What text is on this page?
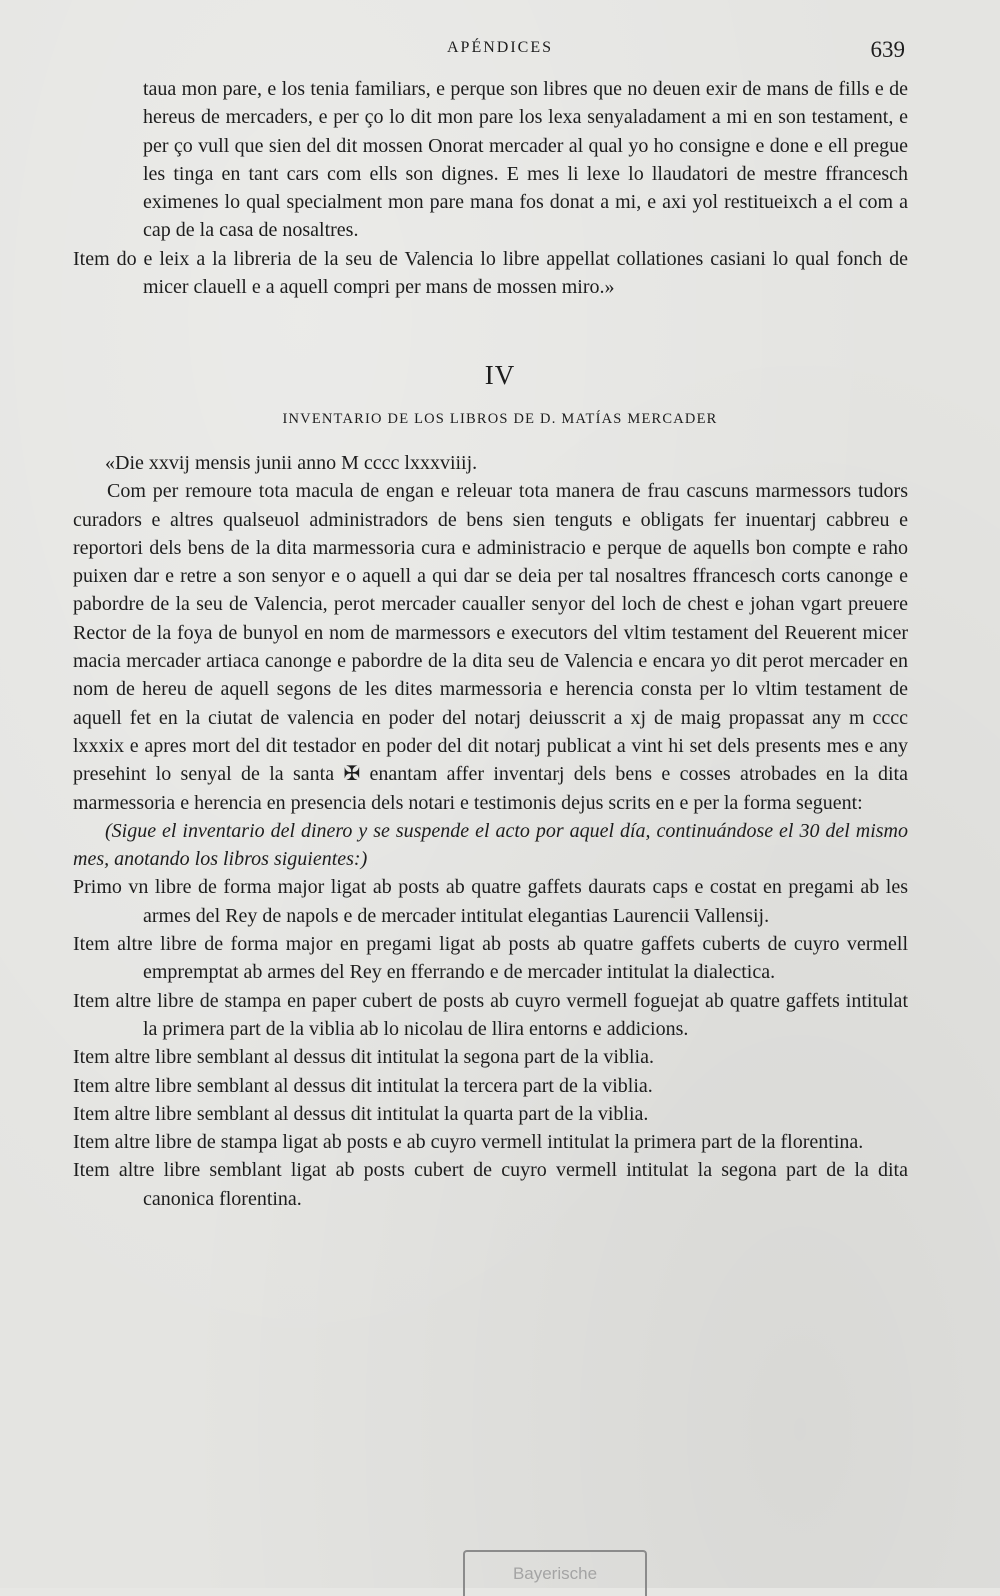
APÉNDICES	639

taua mon pare, e los tenia familiars, e perque son libres que no deuen exir de mans de fills e de hereus de mercaders, e per ço lo dit mon pare los lexa senyaladament a mi en son testament, e per ço vull que sien del dit mossen Onorat mercader al qual yo ho consigne e done e ell pregue les tinga en tant cars com ells son dignes. E mes li lexe lo llaudatori de mestre ffrancesch eximenes lo qual specialment mon pare mana fos donat a mi, e axi yol restitueixch a el com a cap de la casa de nosaltres.

Item do e leix a la libreria de la seu de Valencia lo libre appellat collationes casiani lo qual fonch de micer clauell e a aquell compri per mans de mossen miro.»

IV
INVENTARIO DE LOS LIBROS DE D. MATÍAS MERCADER

«Die xxvij mensis junii anno M cccc lxxxviiij.

Com per remoure tota macula de engan e releuar tota manera de frau cascuns marmessors tudors curadors e altres qualseuol administradors de bens sien tenguts e obligats fer inuentarj cabbreu e reportori dels bens de la dita marmessoria cura e administracio e perque de aquells bon compte e raho puixen dar e retre a son senyor e o aquell a qui dar se deia per tal nosaltres ffrancesch corts canonge e pabordre de la seu de Valencia, perot mercader caualler senyor del loch de chest e johan vgart preuere Rector de la foya de bunyol en nom de marmessors e executors del vltim testament del Reuerent micer macia mercader artiaca canonge e pabordre de la dita seu de Valencia e encara yo dit perot mercader en nom de hereu de aquell segons de les dites marmessoria e herencia consta per lo vltim testament de aquell fet en la ciutat de valencia en poder del notarj deiusscrit a xj de maig propassat any m cccc lxxxix e apres mort del dit testador en poder del dit notarj publicat a vint hi set dels presents mes e any presehint lo senyal de la santa ✠ enantam affer inventarj dels bens e cosses atrobades en la dita marmessoria e herencia en presencia dels notari e testimonis dejus scrits en e per la forma seguent:

(Sigue el inventario del dinero y se suspende el acto por aquel día, continuándose el 30 del mismo mes, anotando los libros siguientes:)

Primo vn libre de forma major ligat ab posts ab quatre gaffets daurats caps e costat en pregami ab les armes del Rey de napols e de mercader intitulat elegantias Laurencii Vallensij.

Item altre libre de forma major en pregami ligat ab posts ab quatre gaffets cuberts de cuyro vermell empremptat ab armes del Rey en fferrando e de mercader intitulat la dialectica.

Item altre libre de stampa en paper cubert de posts ab cuyro vermell foguejat ab quatre gaffets intitulat la primera part de la viblia ab lo nicolau de llira entorns e addicions.

Item altre libre semblant al dessus dit intitulat la segona part de la viblia.

Item altre libre semblant al dessus dit intitulat la tercera part de la viblia.

Item altre libre semblant al dessus dit intitulat la quarta part de la viblia.

Item altre libre de stampa ligat ab posts e ab cuyro vermell intitulat la primera part de la florentina.

Item altre libre semblant ligat ab posts cubert de cuyro vermell intitulat la segona part de la dita canonica florentina.

Bayerische
